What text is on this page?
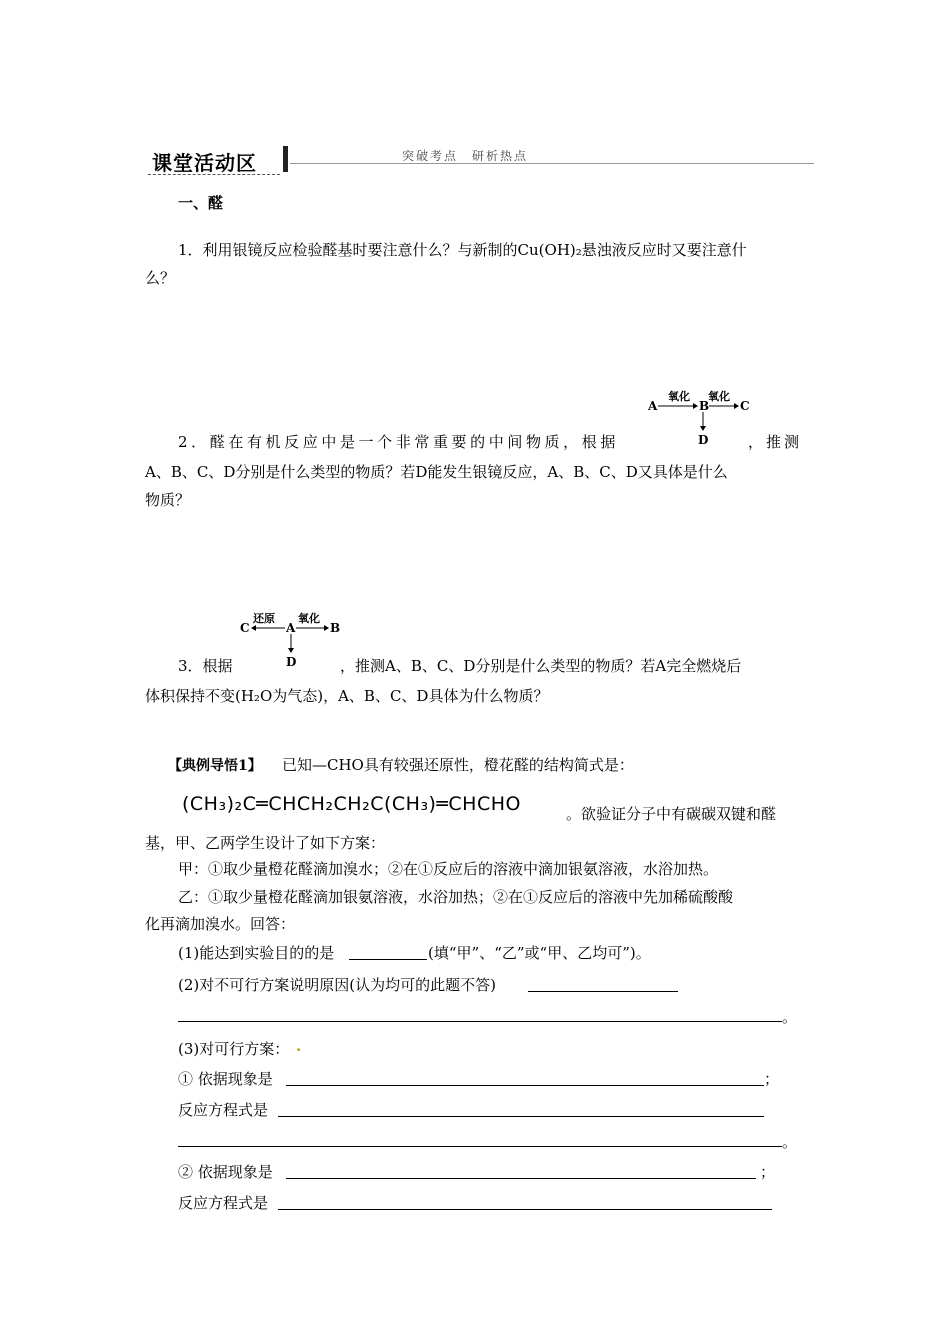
课堂活动区	突破考点　研析热点
一、醛
1．利用银镜反应检验醛基时要注意什么？与新制的Cu(OH)₂悬浊液反应时又要注意什
么？
A
氧化
B
氧化
C
D
2．醛在有机反应中是一个非常重要的中间物质，根据	，推测
A、B、C、D分别是什么类型的物质？若D能发生银镜反应，A、B、C、D又具体是什么
物质？
C
还原
A
氧化
B
D
3．根据	，推测A、B、C、D分别是什么类型的物质？若A完全燃烧后
体积保持不变(H₂O为气态)，A、B、C、D具体为什么物质？
【典例导悟1】 已知—CHO具有较强还原性，橙花醛的结构简式是：
(CH₃)₂C═CHCH₂CH₂C(CH₃)═CHCHO	。欲验证分子中有碳碳双键和醛
基，甲、乙两学生设计了如下方案：
甲：①取少量橙花醛滴加溴水；②在①反应后的溶液中滴加银氨溶液，水浴加热。
乙：①取少量橙花醛滴加银氨溶液，水浴加热；②在①反应后的溶液中先加稀硫酸酸
化再滴加溴水。回答：
(1)能达到实验目的的是	(填“甲”、“乙”或“甲、乙均可”)。
(2)对不可行方案说明原因(认为均可的此题不答)
。
(3)对可行方案： .
① 依据现象是	；
反应方程式是
。
② 依据现象是	；
反应方程式是
